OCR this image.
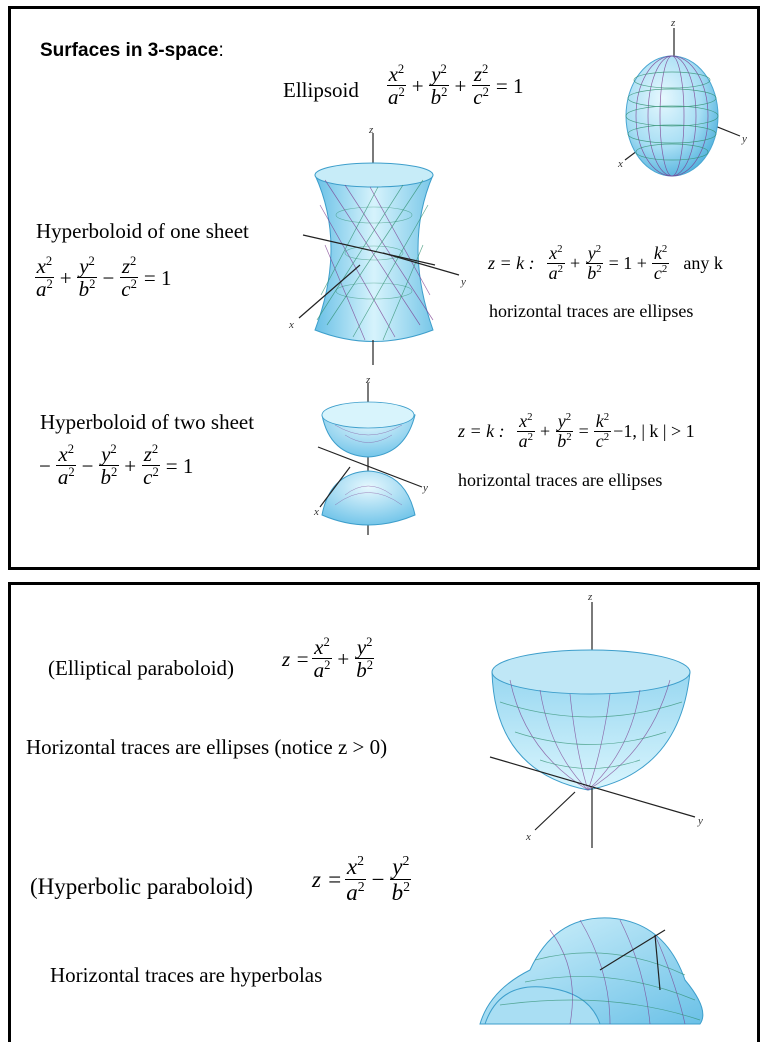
Surfaces in 3-space:
Ellipsoid $\frac{x^2}{a^2} + \frac{y^2}{b^2} + \frac{z^2}{c^2} = 1$
z
y
x
Hyperboloid of one sheet
$\frac{x^2}{a^2} + \frac{y^2}{b^2} - \frac{z^2}{c^2} = 1$
z
y
x
z = k : $\frac{x^2}{a^2} + \frac{y^2}{b^2} = 1 + \frac{k^2}{c^2}$ any k
horizontal traces are ellipses
Hyperboloid of two sheet
− $\frac{x^2}{a^2} - \frac{y^2}{b^2} + \frac{z^2}{c^2} = 1$
z
y
x
z = k : $\frac{x^2}{a^2} + \frac{y^2}{b^2} = \frac{k^2}{c^2} -1$, | k | > 1
horizontal traces are ellipses
(Elliptical paraboloid) $z = \frac{x^2}{a^2} + \frac{y^2}{b^2}$
Horizontal traces are ellipses (notice z > 0)
z
y
x
(Hyperbolic paraboloid)	$z = \frac{x^2}{a^2} - \frac{y^2}{b^2}$
Horizontal traces are hyperbolas
